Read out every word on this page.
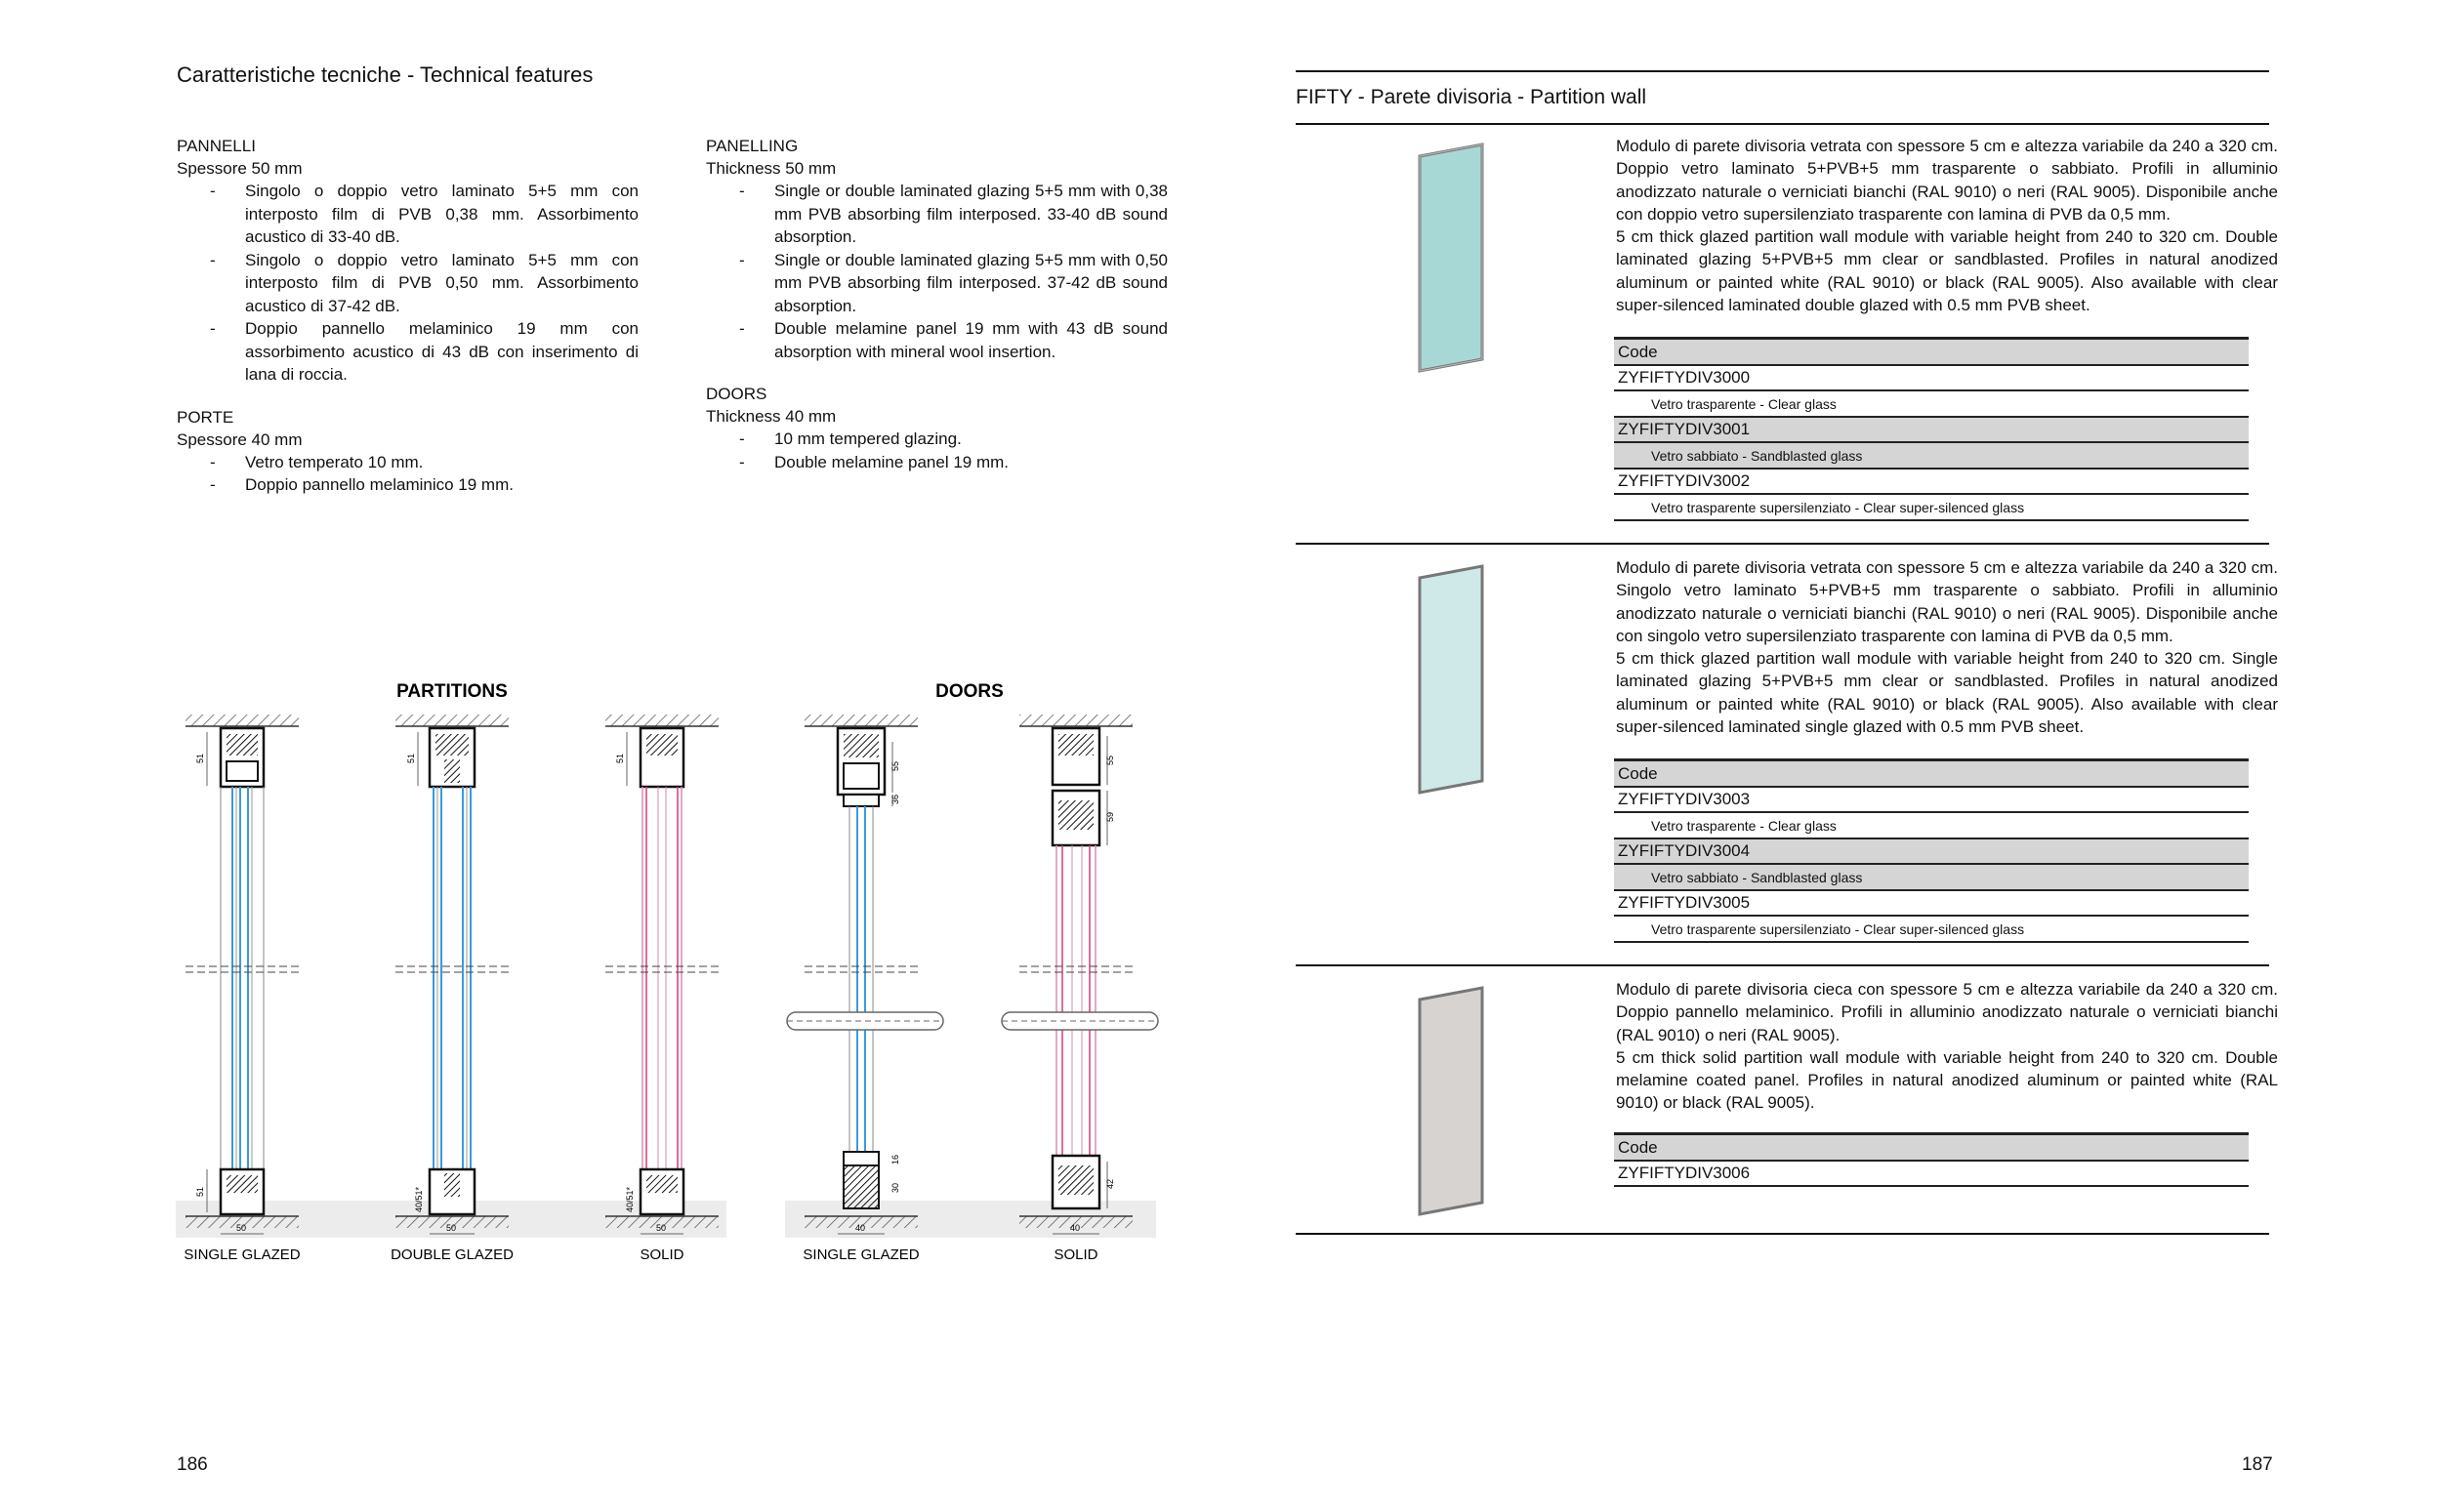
Caratteristiche tecniche - Technical features
PANNELLI
Spessore 50 mm
- Singolo o doppio vetro laminato 5+5 mm con interposto film di PVB 0,38 mm. Assorbimento acustico di 33-40 dB.
- Singolo o doppio vetro laminato 5+5 mm con interposto film di PVB 0,50 mm. Assorbimento acustico di 37-42 dB.
- Doppio pannello melaminico 19 mm con assorbimento acustico di 43 dB con inserimento di lana di roccia.
PORTE
Spessore 40 mm
- Vetro temperato 10 mm.
- Doppio pannello melaminico 19 mm.
PANELLING
Thickness 50 mm
- Single or double laminated glazing 5+5 mm with 0,38 mm PVB absorbing film interposed. 33-40 dB sound absorption.
- Single or double laminated glazing 5+5 mm with 0,50 mm PVB absorbing film interposed. 37-42 dB sound absorption.
- Double melamine panel 19 mm with 43 dB sound absorption with mineral wool insertion.
DOORS
Thickness 40 mm
- 10 mm tempered glazing.
- Double melamine panel 19 mm.
PARTITIONS	DOORS
51
51
50
51
40/51*
50
51
40/51*
50
55
36
16
30
40
55
59
42
40
SINGLE GLAZED	DOUBLE GLAZED	SOLID	SINGLE GLAZED	SOLID
186
FIFTY - Parete divisoria - Partition wall
Modulo di parete divisoria vetrata con spessore 5 cm e altezza variabile da 240 a 320 cm. Doppio vetro laminato 5+PVB+5 mm trasparente o sabbiato. Profili in alluminio anodizzato naturale o verniciati bianchi (RAL 9010) o neri (RAL 9005). Disponibile anche con doppio vetro supersilenziato trasparente con lamina di PVB da 0,5 mm.
5 cm thick glazed partition wall module with variable height from 240 to 320 cm. Double laminated glazing 5+PVB+5 mm clear or sandblasted. Profiles in natural anodized aluminum or painted white (RAL 9010) or black (RAL 9005). Also available with clear super-silenced laminated double glazed with 0.5 mm PVB sheet.
Code
ZYFIFTYDIV3000
Vetro trasparente - Clear glass
ZYFIFTYDIV3001
Vetro sabbiato - Sandblasted glass
ZYFIFTYDIV3002
Vetro trasparente supersilenziato - Clear super-silenced glass
Modulo di parete divisoria vetrata con spessore 5 cm e altezza variabile da 240 a 320 cm. Singolo vetro laminato 5+PVB+5 mm trasparente o sabbiato. Profili in alluminio anodizzato naturale o verniciati bianchi (RAL 9010) o neri (RAL 9005). Disponibile anche con singolo vetro supersilenziato trasparente con lamina di PVB da 0,5 mm.
5 cm thick glazed partition wall module with variable height from 240 to 320 cm. Single laminated glazing 5+PVB+5 mm clear or sandblasted. Profiles in natural anodized aluminum or painted white (RAL 9010) or black (RAL 9005). Also available with clear super-silenced laminated single glazed with 0.5 mm PVB sheet.
Code
ZYFIFTYDIV3003
Vetro trasparente - Clear glass
ZYFIFTYDIV3004
Vetro sabbiato - Sandblasted glass
ZYFIFTYDIV3005
Vetro trasparente supersilenziato - Clear super-silenced glass
Modulo di parete divisoria cieca con spessore 5 cm e altezza variabile da 240 a 320 cm. Doppio pannello melaminico. Profili in alluminio anodizzato naturale o verniciati bianchi (RAL 9010) o neri (RAL 9005).
5 cm thick solid partition wall module with variable height from 240 to 320 cm. Double melamine coated panel. Profiles in natural anodized aluminum or painted white (RAL 9010) or black (RAL 9005).
Code
ZYFIFTYDIV3006
187
